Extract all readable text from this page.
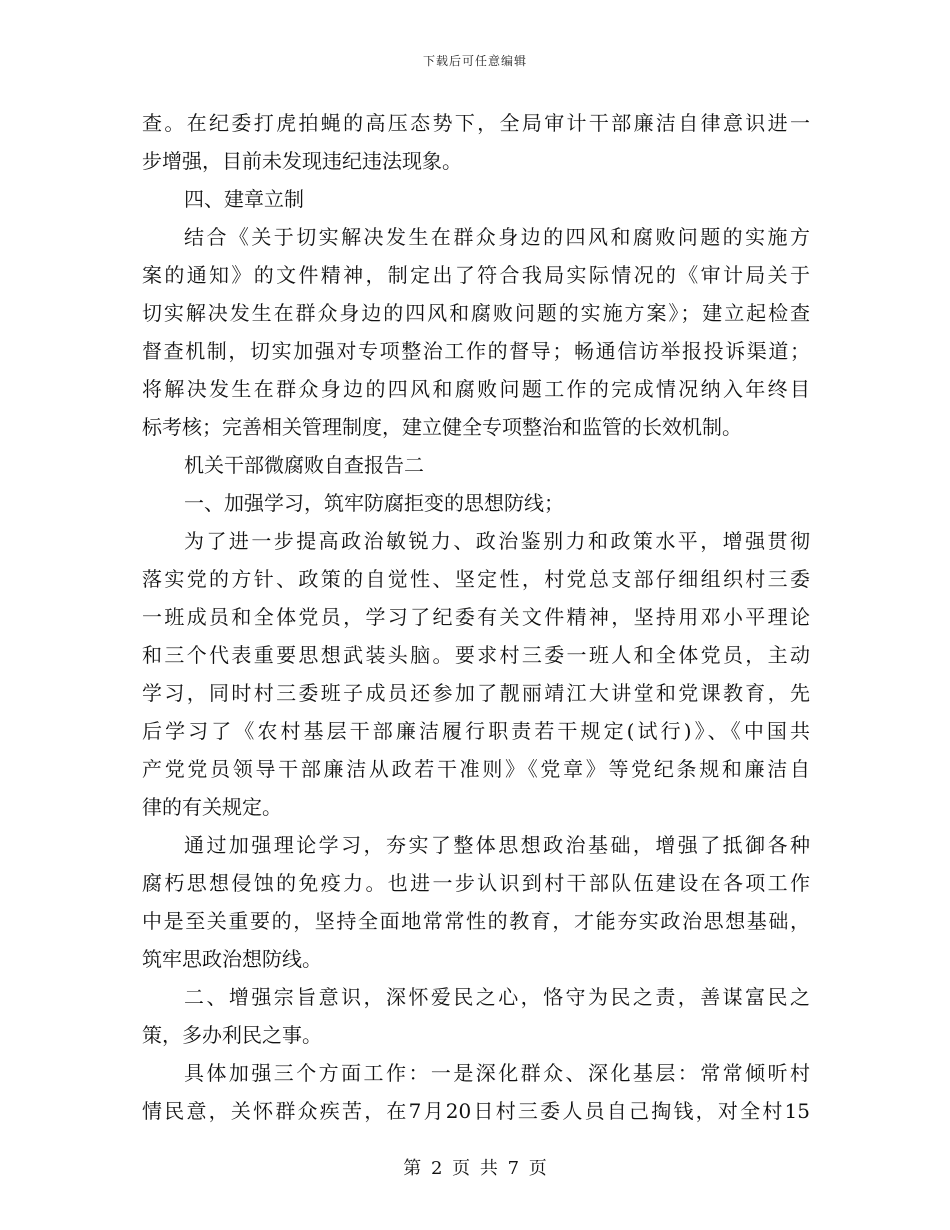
下载后可任意编辑
查。在纪委打虎拍蝇的高压态势下，全局审计干部廉洁自律意识进一
步增强，目前未发现违纪违法现象。
四、建章立制
结合《关于切实解决发生在群众身边的四风和腐败问题的实施方
案的通知》的文件精神，制定出了符合我局实际情况的《审计局关于
切实解决发生在群众身边的四风和腐败问题的实施方案》；建立起检查
督查机制，切实加强对专项整治工作的督导；畅通信访举报投诉渠道；
将解决发生在群众身边的四风和腐败问题工作的完成情况纳入年终目
标考核；完善相关管理制度，建立健全专项整治和监管的长效机制。
机关干部微腐败自查报告二
一、加强学习，筑牢防腐拒变的思想防线；
为了进一步提高政治敏锐力、政治鉴别力和政策水平，增强贯彻
落实党的方针、政策的自觉性、坚定性，村党总支部仔细组织村三委
一班成员和全体党员，学习了纪委有关文件精神，坚持用邓小平理论
和三个代表重要思想武装头脑。要求村三委一班人和全体党员，主动
学习，同时村三委班子成员还参加了靓丽靖江大讲堂和党课教育，先
后学习了《农村基层干部廉洁履行职责若干规定(试行)》、《中国共
产党党员领导干部廉洁从政若干准则》《党章》等党纪条规和廉洁自
律的有关规定。
通过加强理论学习，夯实了整体思想政治基础，增强了抵御各种
腐朽思想侵蚀的免疫力。也进一步认识到村干部队伍建设在各项工作
中是至关重要的，坚持全面地常常性的教育，才能夯实政治思想基础，
筑牢思政治想防线。
二、增强宗旨意识，深怀爱民之心，恪守为民之责，善谋富民之
策，多办利民之事。
具体加强三个方面工作：一是深化群众、深化基层：常常倾听村
情民意，关怀群众疾苦，在7月20日村三委人员自己掏钱，对全村15
第 2 页 共 7 页
